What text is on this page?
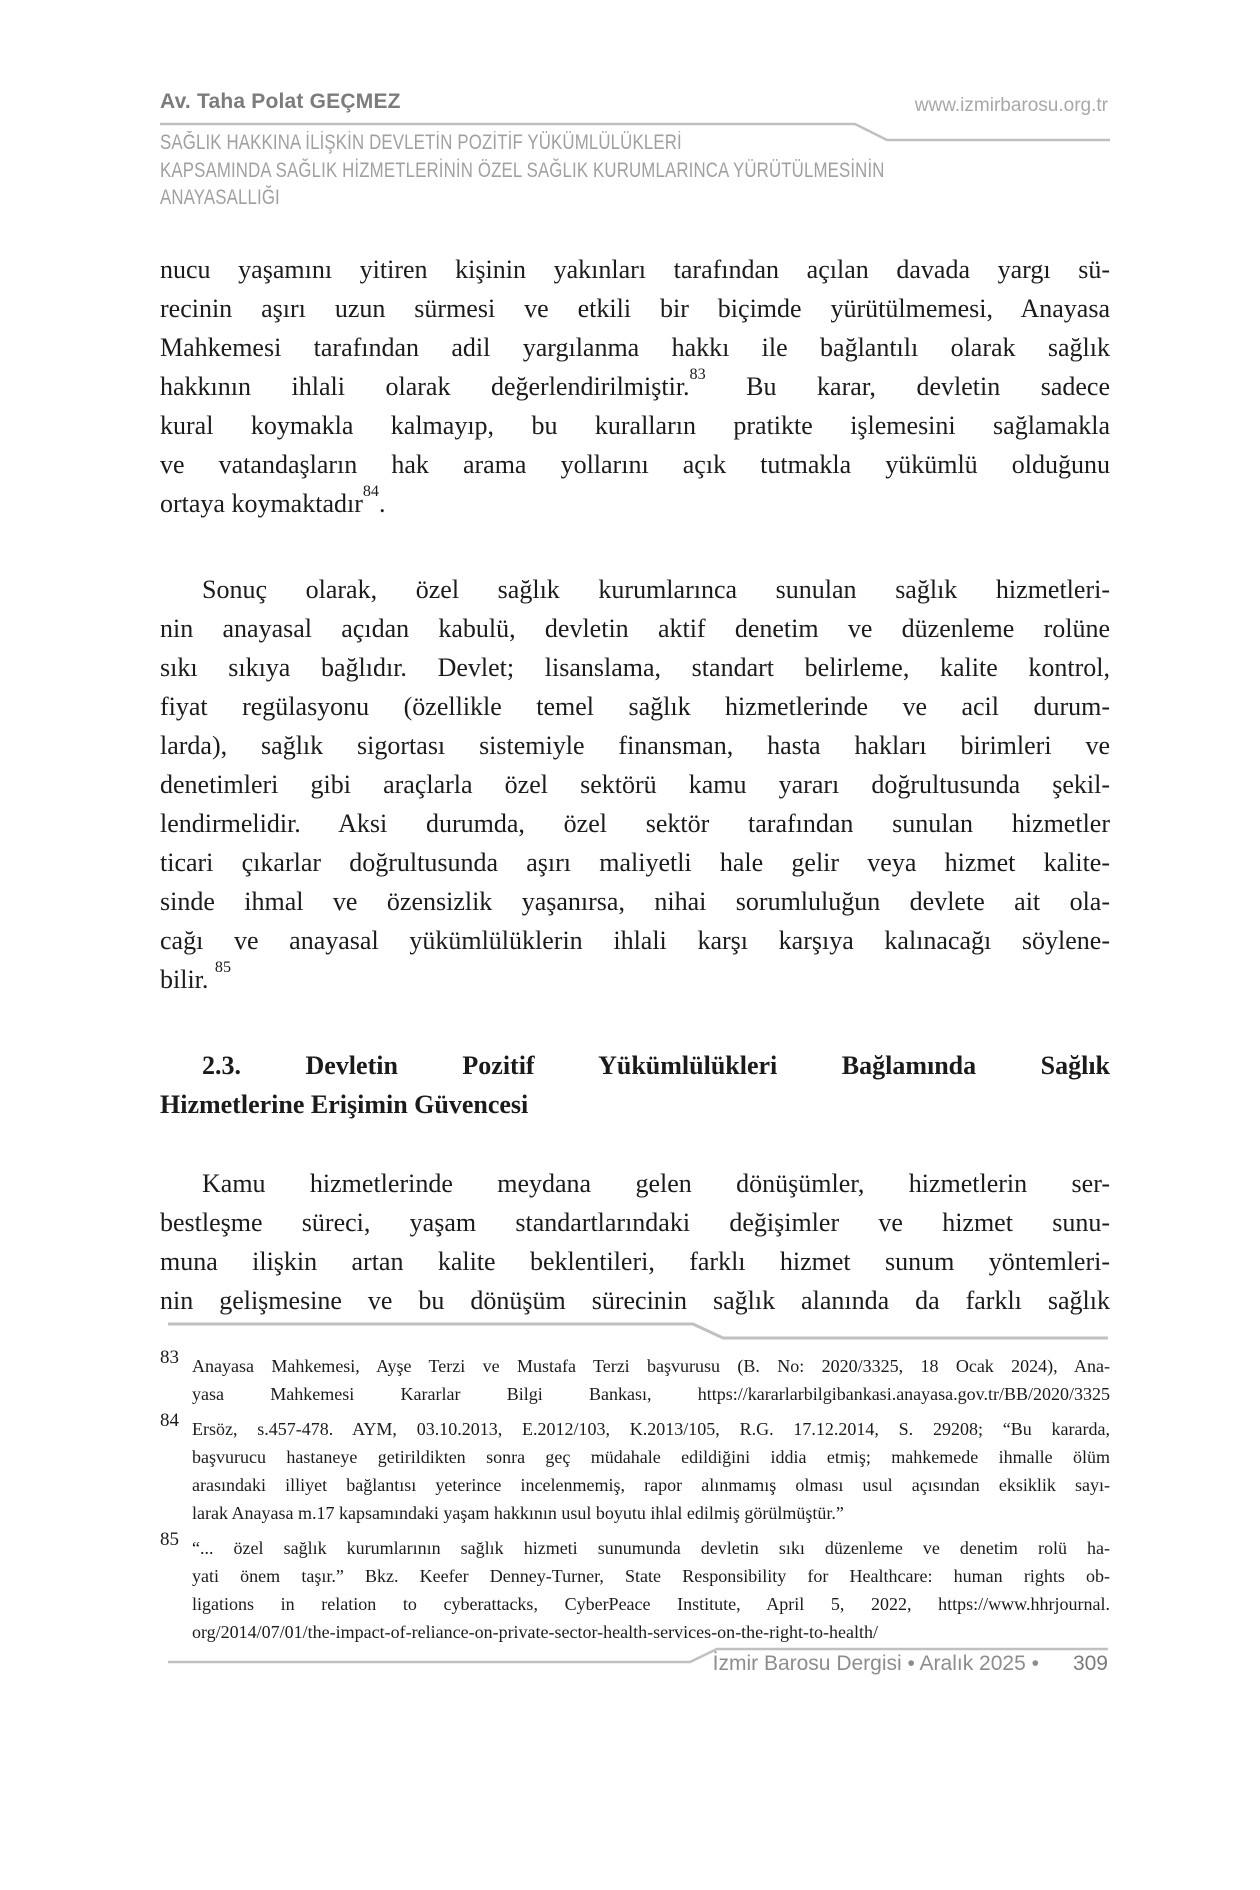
Av. Taha Polat GEÇMEZ	www.izmirbarosu.org.tr
SAĞLIK HAKKINA İLİŞKİN DEVLETİN POZİTİF YÜKÜMLÜLÜKLERİ
KAPSAMINDA SAĞLIK HİZMETLERİNİN ÖZEL SAĞLIK KURUMLARINCA YÜRÜTÜLMESİNİN
ANAYASALLIĞI
nucu yaşamını yitiren kişinin yakınları tarafından açılan davada yargı sü-
recinin aşırı uzun sürmesi ve etkili bir biçimde yürütülmemesi, Anayasa
Mahkemesi tarafından adil yargılanma hakkı ile bağlantılı olarak sağlık
hakkının ihlali olarak değerlendirilmiştir.$^{83}$ Bu karar, devletin sadece
kural koymakla kalmayıp, bu kuralların pratikte işlemesini sağlamakla
ve vatandaşların hak arama yollarını açık tutmakla yükümlü olduğunu
ortaya koymaktadır$^{84}$.
Sonuç olarak, özel sağlık kurumlarınca sunulan sağlık hizmetleri-
nin anayasal açıdan kabulü, devletin aktif denetim ve düzenleme rolüne
sıkı sıkıya bağlıdır. Devlet; lisanslama, standart belirleme, kalite kontrol,
fiyat regülasyonu (özellikle temel sağlık hizmetlerinde ve acil durum-
larda), sağlık sigortası sistemiyle finansman, hasta hakları birimleri ve
denetimleri gibi araçlarla özel sektörü kamu yararı doğrultusunda şekil-
lendirmelidir. Aksi durumda, özel sektör tarafından sunulan hizmetler
ticari çıkarlar doğrultusunda aşırı maliyetli hale gelir veya hizmet kalite-
sinde ihmal ve özensizlik yaşanırsa, nihai sorumluluğun devlete ait ola-
cağı ve anayasal yükümlülüklerin ihlali karşı karşıya kalınacağı söylene-
bilir. $^{85}$
2.3. Devletin Pozitif Yükümlülükleri Bağlamında Sağlık
Hizmetlerine Erişimin Güvencesi
Kamu hizmetlerinde meydana gelen dönüşümler, hizmetlerin ser-
bestleşme süreci, yaşam standartlarındaki değişimler ve hizmet sunu-
muna ilişkin artan kalite beklentileri, farklı hizmet sunum yöntemleri-
nin gelişmesine ve bu dönüşüm sürecinin sağlık alanında da farklı sağlık
83 Anayasa Mahkemesi, Ayşe Terzi ve Mustafa Terzi başvurusu (B. No: 2020/3325, 18 Ocak 2024), Ana-
yasa Mahkemesi Kararlar Bilgi Bankası, https://kararlarbilgibankasi.anayasa.gov.tr/BB/2020/3325
84 Ersöz, s.457-478. AYM, 03.10.2013, E.2012/103, K.2013/105, R.G. 17.12.2014, S. 29208; “Bu kararda,
başvurucu hastaneye getirildikten sonra geç müdahale edildiğini iddia etmiş; mahkemede ihmalle ölüm
arasındaki illiyet bağlantısı yeterince incelenmemiş, rapor alınmamış olması usul açısından eksiklik sayı-
larak Anayasa m.17 kapsamındaki yaşam hakkının usul boyutu ihlal edilmiş görülmüştür.”
85 “... özel sağlık kurumlarının sağlık hizmeti sunumunda devletin sıkı düzenleme ve denetim rolü ha-
yati önem taşır.” Bkz. Keefer Denney-Turner, State Responsibility for Healthcare: human rights ob-
ligations in relation to cyberattacks, CyberPeace Institute, April 5, 2022, https://www.hhrjournal.
org/2014/07/01/the-impact-of-reliance-on-private-sector-health-services-on-the-right-to-health/
İzmir Barosu Dergisi • Aralık 2025 • 309
